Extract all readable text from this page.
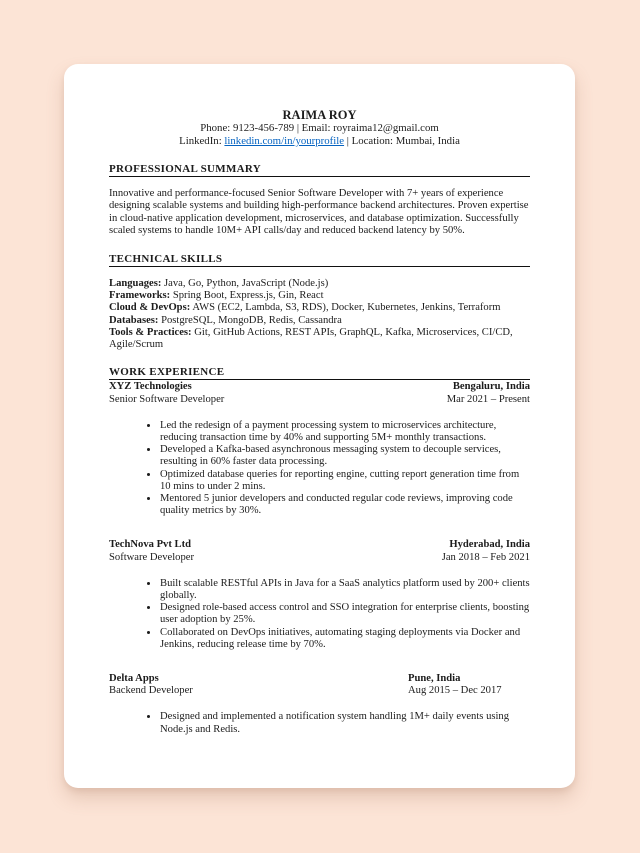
RAIMA ROY
Phone: 9123-456-789 | Email: royraima12@gmail.com
LinkedIn: linkedin.com/in/yourprofile | Location: Mumbai, India
PROFESSIONAL SUMMARY

Innovative and performance-focused Senior Software Developer with 7+ years of experience designing scalable systems and building high-performance backend architectures. Proven expertise in cloud-native application development, microservices, and database optimization. Successfully scaled systems to handle 10M+ API calls/day and reduced backend latency by 50%.

TECHNICAL SKILLS
Languages: Java, Go, Python, JavaScript (Node.js)
Frameworks: Spring Boot, Express.js, Gin, React
Cloud & DevOps: AWS (EC2, Lambda, S3, RDS), Docker, Kubernetes, Jenkins, Terraform
Databases: PostgreSQL, MongoDB, Redis, Cassandra
Tools & Practices: Git, GitHub Actions, REST APIs, GraphQL, Kafka, Microservices, CI/CD, Agile/Scrum
WORK EXPERIENCE
XYZ Technologies	Bengaluru, India
Senior Software Developer	Mar 2021 – Present
• Led the redesign of a payment processing system to microservices architecture, reducing transaction time by 40% and supporting 5M+ monthly transactions.
• Developed a Kafka-based asynchronous messaging system to decouple services, resulting in 60% faster data processing.
• Optimized database queries for reporting engine, cutting report generation time from 10 mins to under 2 mins.
• Mentored 5 junior developers and conducted regular code reviews, improving code quality metrics by 30%.
TechNova Pvt Ltd	Hyderabad, India
Software Developer	Jan 2018 – Feb 2021
• Built scalable RESTful APIs in Java for a SaaS analytics platform used by 200+ clients globally.
• Designed role-based access control and SSO integration for enterprise clients, boosting user adoption by 25%.
• Collaborated on DevOps initiatives, automating staging deployments via Docker and Jenkins, reducing release time by 70%.
Delta Apps	Pune, India
Backend Developer	Aug 2015 – Dec 2017
• Designed and implemented a notification system handling 1M+ daily events using Node.js and Redis.
